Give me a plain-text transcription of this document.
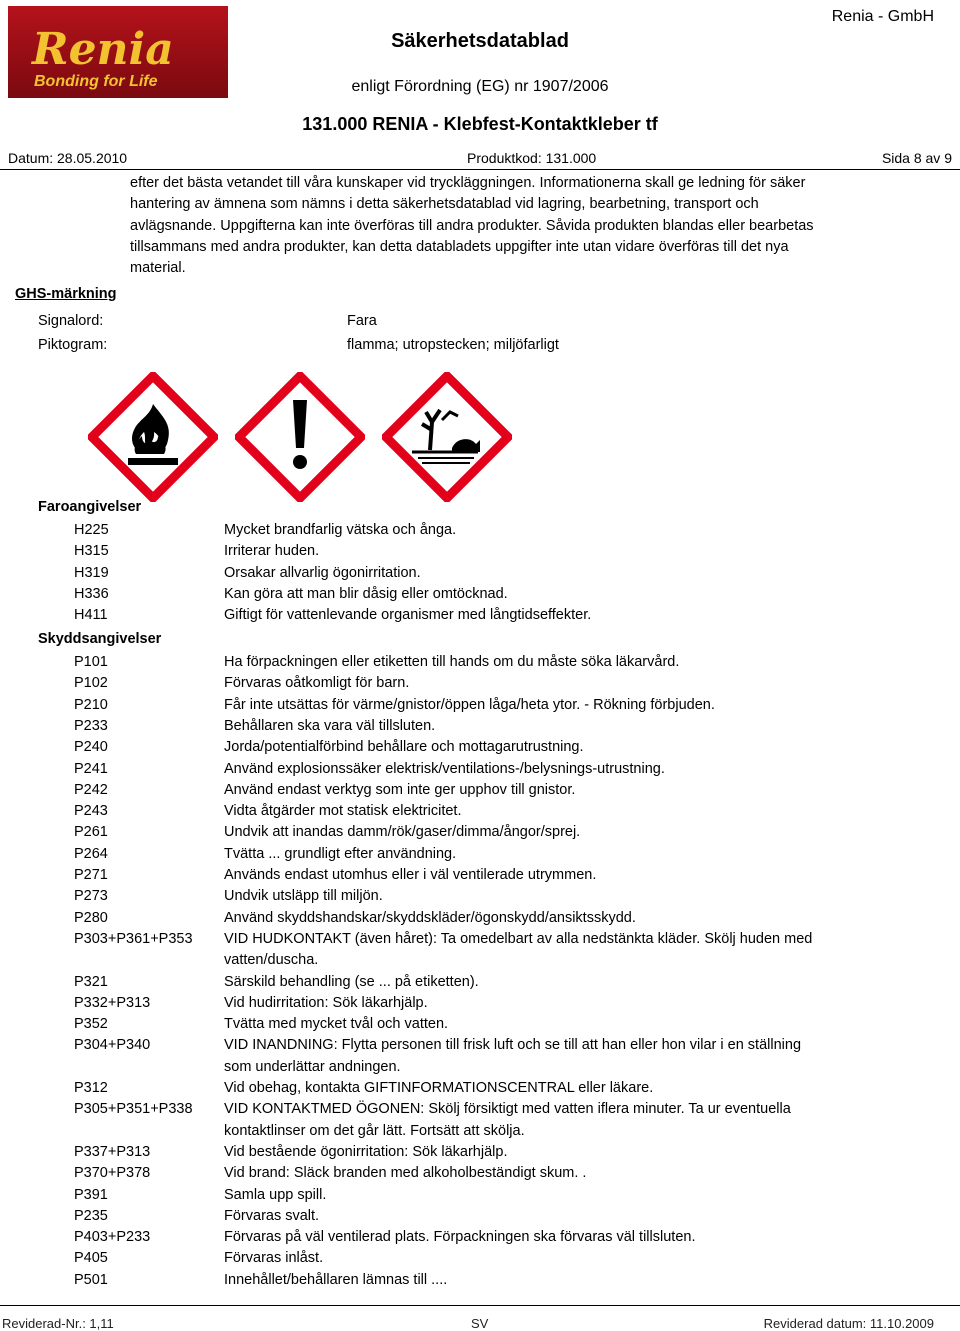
Renia
Bonding for Life
Säkerhetsdatablad
enligt Förordning (EG) nr 1907/2006
Renia - GmbH
131.000 RENIA - Klebfest-Kontaktkleber tf
Datum: 28.05.2010	Produktkod: 131.000	Sida 8 av 9
efter det bästa vetandet till våra kunskaper vid tryckläggningen. Informationerna skall ge ledning för säker
hantering av ämnena som nämns i detta säkerhetsdatablad vid lagring, bearbetning, transport och
avlägsnande. Uppgifterna kan inte överföras till andra produkter. Såvida produkten blandas eller bearbetas
tillsammans med andra produkter, kan detta databladets uppgifter inte utan vidare överföras till det nya
material.
GHS-märkning
Signalord:	Fara
Piktogram:	flamma; utropstecken; miljöfarligt
Faroangivelser
H225	Mycket brandfarlig vätska och ånga.
H315	Irriterar huden.
H319	Orsakar allvarlig ögonirritation.
H336	Kan göra att man blir dåsig eller omtöcknad.
H411	Giftigt för vattenlevande organismer med långtidseffekter.
Skyddsangivelser
P101	Ha förpackningen eller etiketten till hands om du måste söka läkarvård.
P102	Förvaras oåtkomligt för barn.
P210	Får inte utsättas för värme/gnistor/öppen låga/heta ytor. - Rökning förbjuden.
P233	Behållaren ska vara väl tillsluten.
P240	Jorda/potentialförbind behållare och mottagarutrustning.
P241	Använd explosionssäker elektrisk/ventilations-/belysnings-utrustning.
P242	Använd endast verktyg som inte ger upphov till gnistor.
P243	Vidta åtgärder mot statisk elektricitet.
P261	Undvik att inandas damm/rök/gaser/dimma/ångor/sprej.
P264	Tvätta ... grundligt efter användning.
P271	Används endast utomhus eller i väl ventilerade utrymmen.
P273	Undvik utsläpp till miljön.
P280	Använd skyddshandskar/skyddskläder/ögonskydd/ansiktsskydd.
P303+P361+P353 VID HUDKONTAKT (även håret): Ta omedelbart av alla nedstänkta kläder. Skölj huden med
vatten/duscha.
P321	Särskild behandling (se ... på etiketten).
P332+P313	Vid hudirritation: Sök läkarhjälp.
P352	Tvätta med mycket tvål och vatten.
P304+P340	VID INANDNING: Flytta personen till frisk luft och se till att han eller hon vilar i en ställning
som underlättar andningen.
P312	Vid obehag, kontakta GIFTINFORMATIONSCENTRAL eller läkare.
P305+P351+P338 VID KONTAKTMED ÖGONEN: Skölj försiktigt med vatten iflera minuter. Ta ur eventuella
kontaktlinser om det går lätt. Fortsätt att skölja.
P337+P313	Vid bestående ögonirritation: Sök läkarhjälp.
P370+P378	Vid brand: Släck branden med alkoholbeständigt skum. .
P391	Samla upp spill.
P235	Förvaras svalt.
P403+P233	Förvaras på väl ventilerad plats. Förpackningen ska förvaras väl tillsluten.
P405	Förvaras inlåst.
P501	Innehållet/behållaren lämnas till ....
Reviderad-Nr.: 1,11	SV	Reviderad datum: 11.10.2009
